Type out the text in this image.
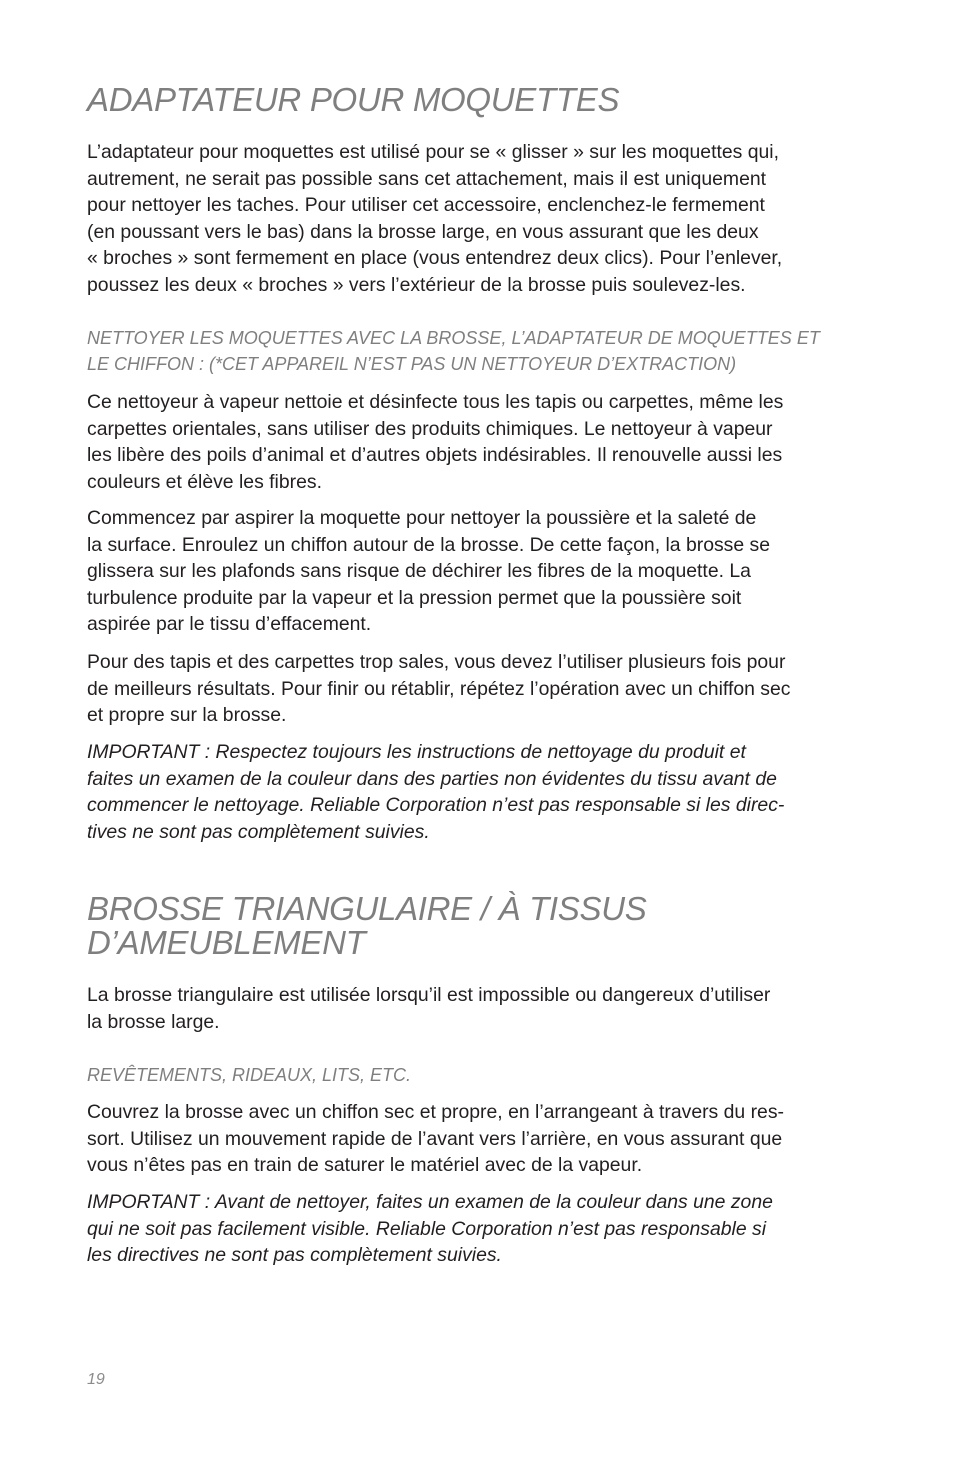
ADAPTATEUR POUR MOQUETTES

L’adaptateur pour moquettes est utilisé pour se « glisser » sur les moquettes qui,
autrement, ne serait pas possible sans cet attachement, mais il est uniquement
pour nettoyer les taches. Pour utiliser cet accessoire, enclenchez-le fermement
(en poussant vers le bas) dans la brosse large, en vous assurant que les deux
« broches » sont fermement en place (vous entendrez deux clics). Pour l’enlever,
poussez les deux « broches » vers l’extérieur de la brosse puis soulevez-les.

NETTOYER LES MOQUETTES AVEC LA BROSSE, L’ADAPTATEUR DE MOQUETTES ET
LE CHIFFON : (*CET APPAREIL N’EST PAS UN NETTOYEUR D’EXTRACTION)

Ce nettoyeur à vapeur nettoie et désinfecte tous les tapis ou carpettes, même les
carpettes orientales, sans utiliser des produits chimiques. Le nettoyeur à vapeur
les libère des poils d’animal et d’autres objets indésirables. Il renouvelle aussi les
couleurs et élève les fibres.

Commencez par aspirer la moquette pour nettoyer la poussière et la saleté de
la surface. Enroulez un chiffon autour de la brosse. De cette façon, la brosse se
glissera sur les plafonds sans risque de déchirer les fibres de la moquette. La
turbulence produite par la vapeur et la pression permet que la poussière soit
aspirée par le tissu d’effacement.

Pour des tapis et des carpettes trop sales, vous devez l’utiliser plusieurs fois pour
de meilleurs résultats. Pour finir ou rétablir, répétez l’opération avec un chiffon sec
et propre sur la brosse.

IMPORTANT : Respectez toujours les instructions de nettoyage du produit et
faites un examen de la couleur dans des parties non évidentes du tissu avant de
commencer le nettoyage. Reliable Corporation n’est pas responsable si les direc-
tives ne sont pas complètement suivies.

BROSSE TRIANGULAIRE / À TISSUS
D’AMEUBLEMENT

La brosse triangulaire est utilisée lorsqu’il est impossible ou dangereux d’utiliser
la brosse large.

REVÊTEMENTS, RIDEAUX, LITS, ETC.

Couvrez la brosse avec un chiffon sec et propre, en l’arrangeant à travers du res-
sort. Utilisez un mouvement rapide de l’avant vers l’arrière, en vous assurant que
vous n’êtes pas en train de saturer le matériel avec de la vapeur.

IMPORTANT : Avant de nettoyer, faites un examen de la couleur dans une zone
qui ne soit pas facilement visible. Reliable Corporation n’est pas responsable si
les directives ne sont pas complètement suivies.

19
